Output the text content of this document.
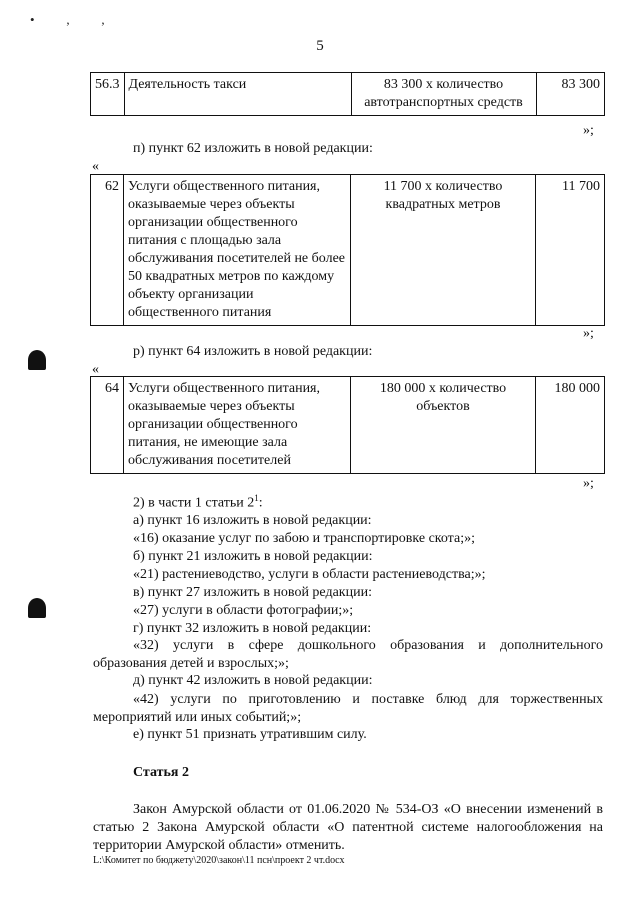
• ‚ ,
5
56.3	Деятельность такси	83 300 х количество автотранспортных средств	83 300
»;
п) пункт 62 изложить в новой редакции:
«
62	Услуги общественного питания, оказываемые через объекты организации общественного питания с площадью зала обслуживания посетителей не более 50 квадратных метров по каждому объекту организации общественного питания	11 700 х количество квадратных метров	11 700
»;
р) пункт 64 изложить в новой редакции:
«
64	Услуги общественного питания, оказываемые через объекты организации общественного питания, не имеющие зала обслуживания посетителей	180 000 х количество объектов	180 000
»;
2) в части 1 статьи $2^1$:
а) пункт 16 изложить в новой редакции:
«16) оказание услуг по забою и транспортировке скота;»;
б) пункт 21 изложить в новой редакции:
«21) растениеводство, услуги в области растениеводства;»;
в) пункт 27 изложить в новой редакции:
«27) услуги в области фотографии;»;
г) пункт 32 изложить в новой редакции:
«32) услуги в сфере дошкольного образования и дополнительного образования детей и взрослых;»;
д) пункт 42 изложить в новой редакции:
«42) услуги по приготовлению и поставке блюд для торжественных мероприятий или иных событий;»;
е) пункт 51 признать утратившим силу.
Статья 2
Закон Амурской области от 01.06.2020 № 534-ОЗ «О внесении изменений в статью 2 Закона Амурской области «О патентной системе налогообложения на территории Амурской области» отменить.
L:\Комитет по бюджету\2020\закон\11 псн\проект 2 чт.docx
